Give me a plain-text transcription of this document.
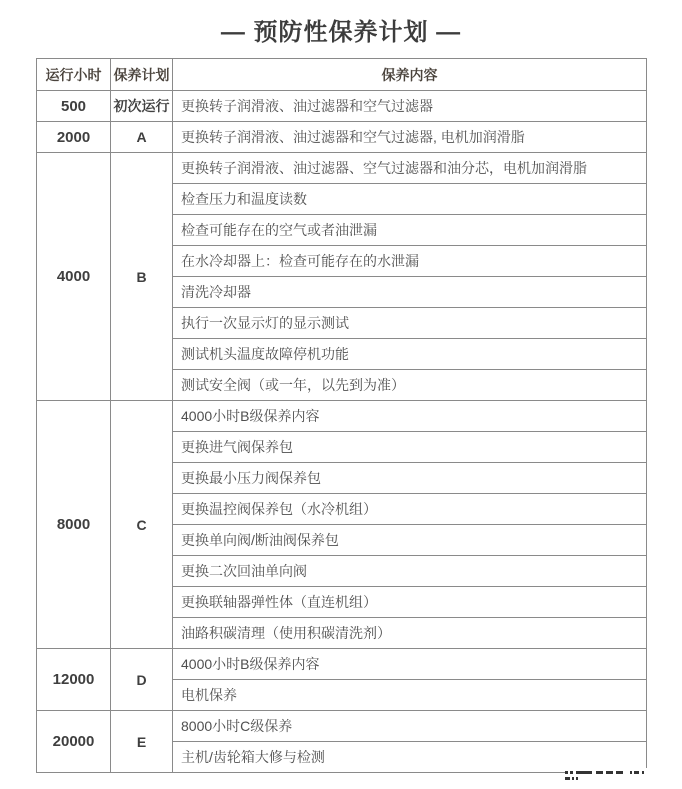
— 预防性保养计划 —
运行小时	保养计划	保养内容
500	初次运行	更换转子润滑液、油过滤器和空气过滤器
2000	A	更换转子润滑液、油过滤器和空气过滤器, 电机加润滑脂
4000	B	更换转子润滑液、油过滤器、空气过滤器和油分芯，电机加润滑脂
		检查压力和温度读数
		检查可能存在的空气或者油泄漏
		在水冷却器上：检查可能存在的水泄漏
		清洗冷却器
		执行一次显示灯的显示测试
		测试机头温度故障停机功能
		测试安全阀（或一年，以先到为准）
8000	C	4000小时B级保养内容
		更换进气阀保养包
		更换最小压力阀保养包
		更换温控阀保养包（水冷机组）
		更换单向阀/断油阀保养包
		更换二次回油单向阀
		更换联轴器弹性体（直连机组）
		油路积碳清理（使用积碳清洗剂）
12000	D	4000小时B级保养内容
		电机保养
20000	E	8000小时C级保养
		主机/齿轮箱大修与检测
